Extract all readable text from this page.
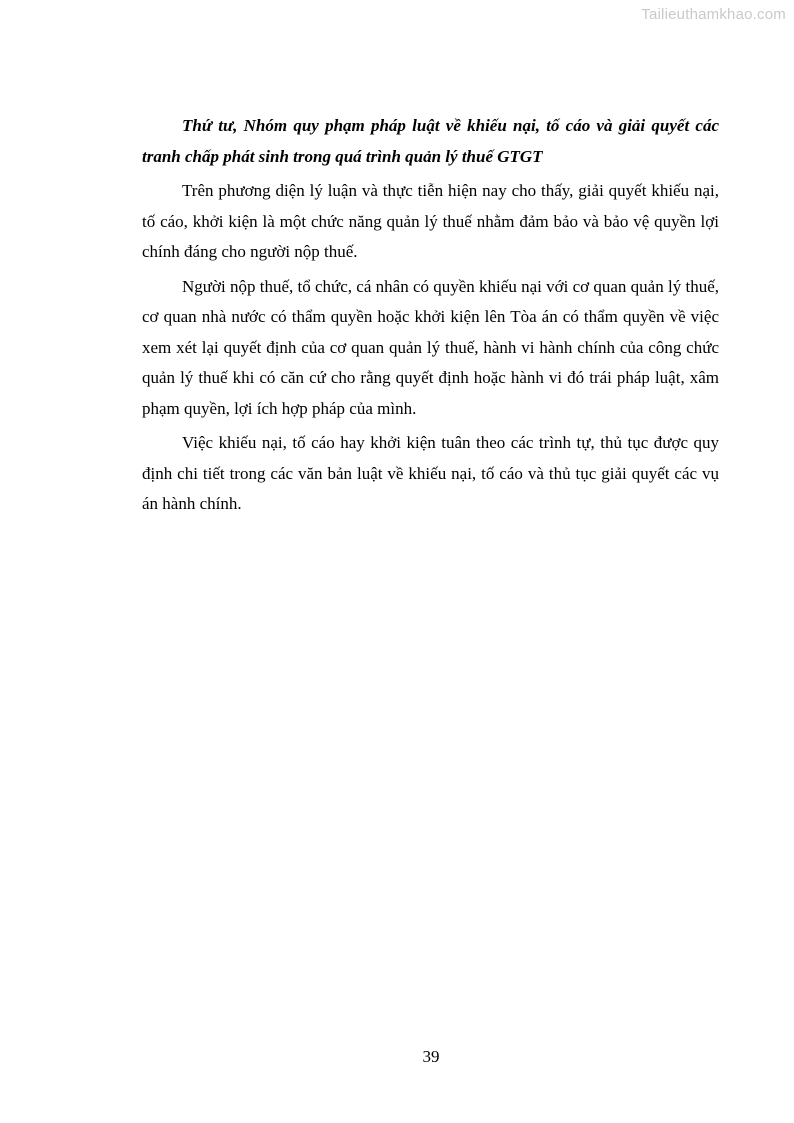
Tailieuthamkhao.com

Thứ tư, Nhóm quy phạm pháp luật về khiếu nại, tố cáo và giải quyết các tranh chấp phát sinh trong quá trình quản lý thuế GTGT

Trên phương diện lý luận và thực tiễn hiện nay cho thấy, giải quyết khiếu nại, tố cáo, khởi kiện là một chức năng quản lý thuế nhằm đảm bảo và bảo vệ quyền lợi chính đáng cho người nộp thuế.

Người nộp thuế, tổ chức, cá nhân có quyền khiếu nại với cơ quan quản lý thuế, cơ quan nhà nước có thẩm quyền hoặc khởi kiện lên Tòa án có thẩm quyền về việc xem xét lại quyết định của cơ quan quản lý thuế, hành vi hành chính của công chức quản lý thuế khi có căn cứ cho rằng quyết định hoặc hành vi đó trái pháp luật, xâm phạm quyền, lợi ích hợp pháp của mình.

Việc khiếu nại, tố cáo hay khởi kiện tuân theo các trình tự, thủ tục được quy định chi tiết trong các văn bản luật về khiếu nại, tố cáo và thủ tục giải quyết các vụ án hành chính.

39
